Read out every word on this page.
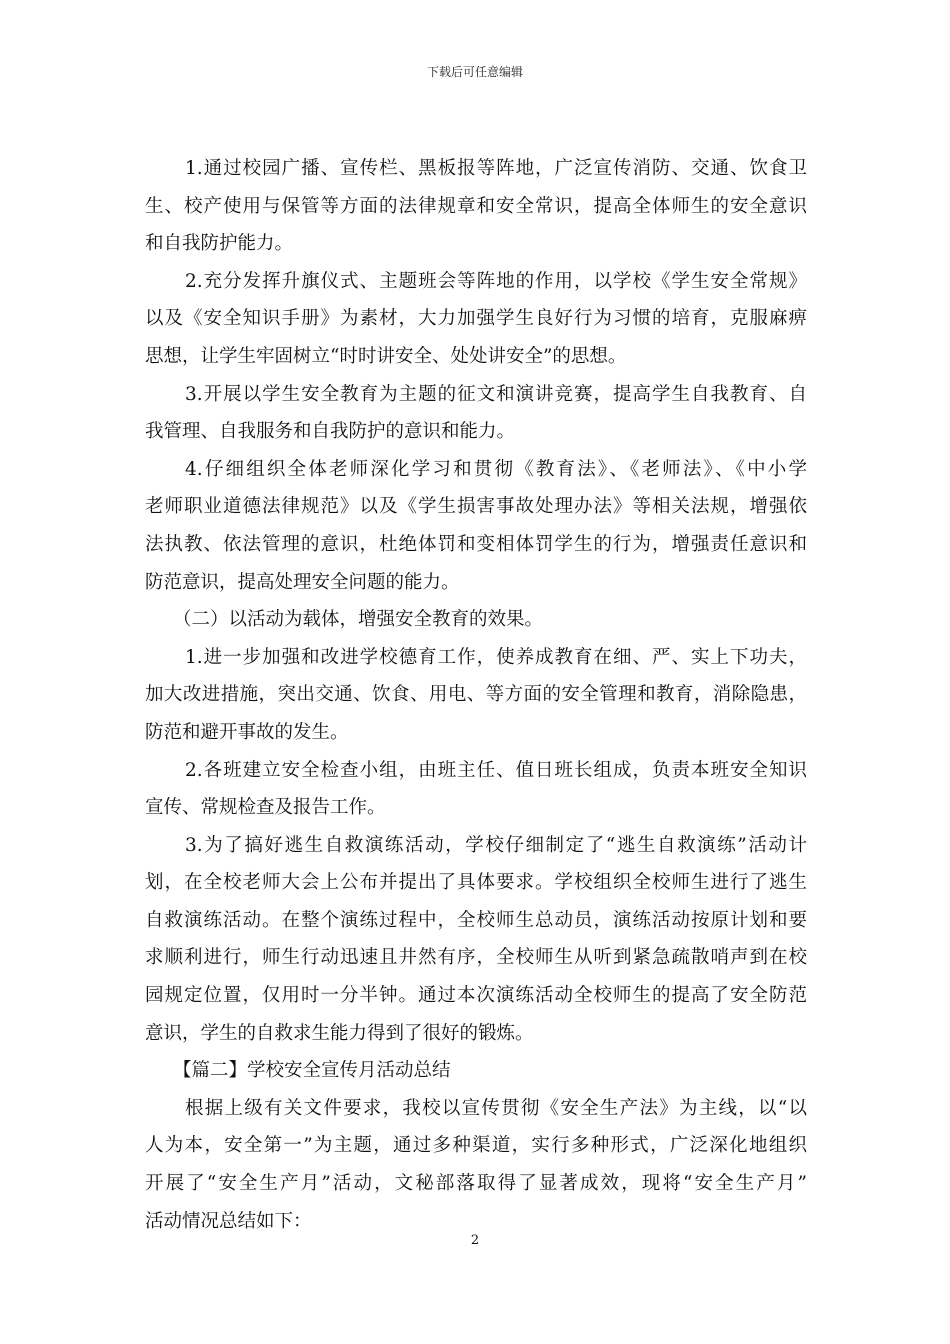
下载后可任意编辑
1.通过校园广播、宣传栏、黑板报等阵地，广泛宣传消防、交通、饮食卫
生、校产使用与保管等方面的法律规章和安全常识，提高全体师生的安全意识
和自我防护能力。
2.充分发挥升旗仪式、主题班会等阵地的作用，以学校《学生安全常规》
以及《安全知识手册》为素材，大力加强学生良好行为习惯的培育，克服麻痹
思想，让学生牢固树立“时时讲安全、处处讲安全”的思想。
3.开展以学生安全教育为主题的征文和演讲竞赛，提高学生自我教育、自
我管理、自我服务和自我防护的意识和能力。
4.仔细组织全体老师深化学习和贯彻《教育法》、《老师法》、《中小学
老师职业道德法律规范》以及《学生损害事故处理办法》等相关法规，增强依
法执教、依法管理的意识，杜绝体罚和变相体罚学生的行为，增强责任意识和
防范意识，提高处理安全问题的能力。
（二）以活动为载体，增强安全教育的效果。
1.进一步加强和改进学校德育工作，使养成教育在细、严、实上下功夫，
加大改进措施，突出交通、饮食、用电、等方面的安全管理和教育，消除隐患，
防范和避开事故的发生。
2.各班建立安全检查小组，由班主任、值日班长组成，负责本班安全知识
宣传、常规检查及报告工作。
3.为了搞好逃生自救演练活动，学校仔细制定了“逃生自救演练”活动计
划，在全校老师大会上公布并提出了具体要求。学校组织全校师生进行了逃生
自救演练活动。在整个演练过程中，全校师生总动员，演练活动按原计划和要
求顺利进行，师生行动迅速且井然有序，全校师生从听到紧急疏散哨声到在校
园规定位置，仅用时一分半钟。通过本次演练活动全校师生的提高了安全防范
意识，学生的自救求生能力得到了很好的锻炼。
【篇二】学校安全宣传月活动总结
根据上级有关文件要求，我校以宣传贯彻《安全生产法》为主线，以“以
人为本，安全第一”为主题，通过多种渠道，实行多种形式，广泛深化地组织
开展了“安全生产月”活动，文秘部落取得了显著成效，现将“安全生产月”
活动情况总结如下：
2
